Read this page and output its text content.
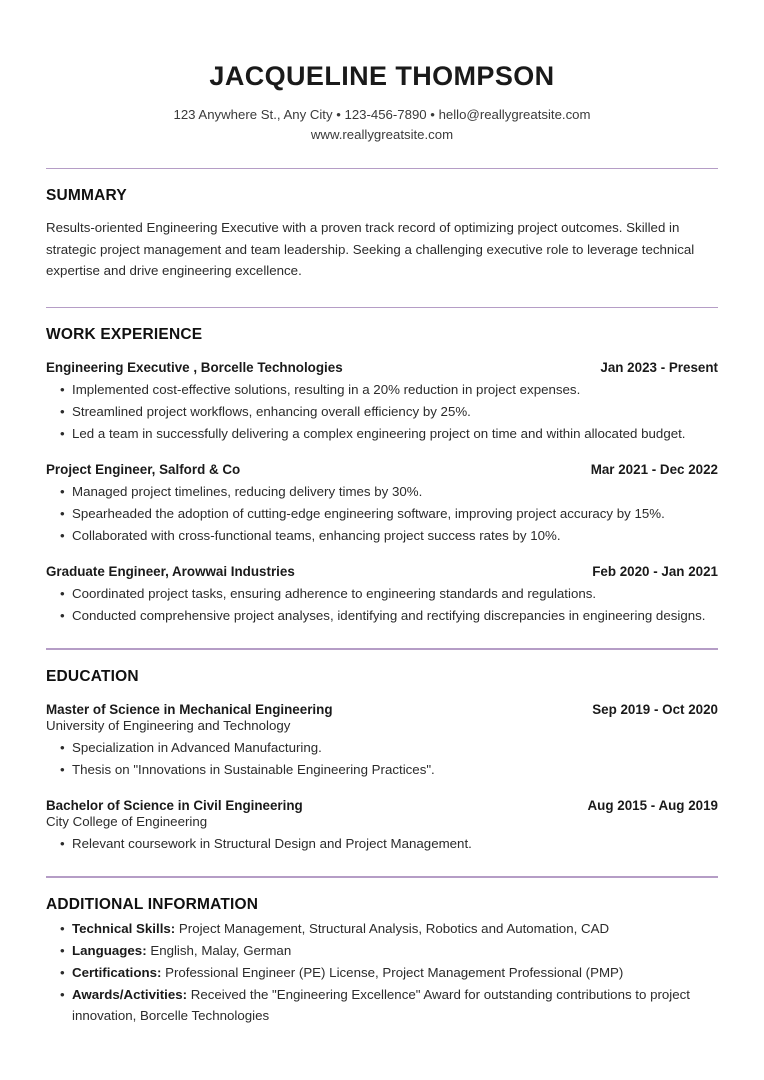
JACQUELINE THOMPSON

123 Anywhere St., Any City • 123-456-7890 • hello@reallygreatsite.com

www.reallygreatsite.com

SUMMARY

Results-oriented Engineering Executive with a proven track record of optimizing project outcomes. Skilled in strategic project management and team leadership. Seeking a challenging executive role to leverage technical expertise and drive engineering excellence.

WORK EXPERIENCE
Engineering Executive , Borcelle Technologies	Jan 2023 - Present
• Implemented cost-effective solutions, resulting in a 20% reduction in project expenses.
• Streamlined project workflows, enhancing overall efficiency by 25%.
• Led a team in successfully delivering a complex engineering project on time and within allocated budget.
Project Engineer, Salford & Co	Mar 2021 - Dec 2022
• Managed project timelines, reducing delivery times by 30%.
• Spearheaded the adoption of cutting-edge engineering software, improving project accuracy by 15%.
• Collaborated with cross-functional teams, enhancing project success rates by 10%.
Graduate Engineer, Arowwai Industries	Feb 2020 - Jan 2021
• Coordinated project tasks, ensuring adherence to engineering standards and regulations.
• Conducted comprehensive project analyses, identifying and rectifying discrepancies in engineering designs.
EDUCATION
Master of Science in Mechanical Engineering	Sep 2019 - Oct 2020
University of Engineering and Technology
• Specialization in Advanced Manufacturing.
• Thesis on "Innovations in Sustainable Engineering Practices".
Bachelor of Science in Civil Engineering	Aug 2015 - Aug 2019
City College of Engineering
• Relevant coursework in Structural Design and Project Management.
ADDITIONAL INFORMATION
• Technical Skills: Project Management, Structural Analysis, Robotics and Automation, CAD
• Languages: English, Malay, German
• Certifications: Professional Engineer (PE) License, Project Management Professional (PMP)
• Awards/Activities: Received the "Engineering Excellence" Award for outstanding contributions to project innovation, Borcelle Technologies
